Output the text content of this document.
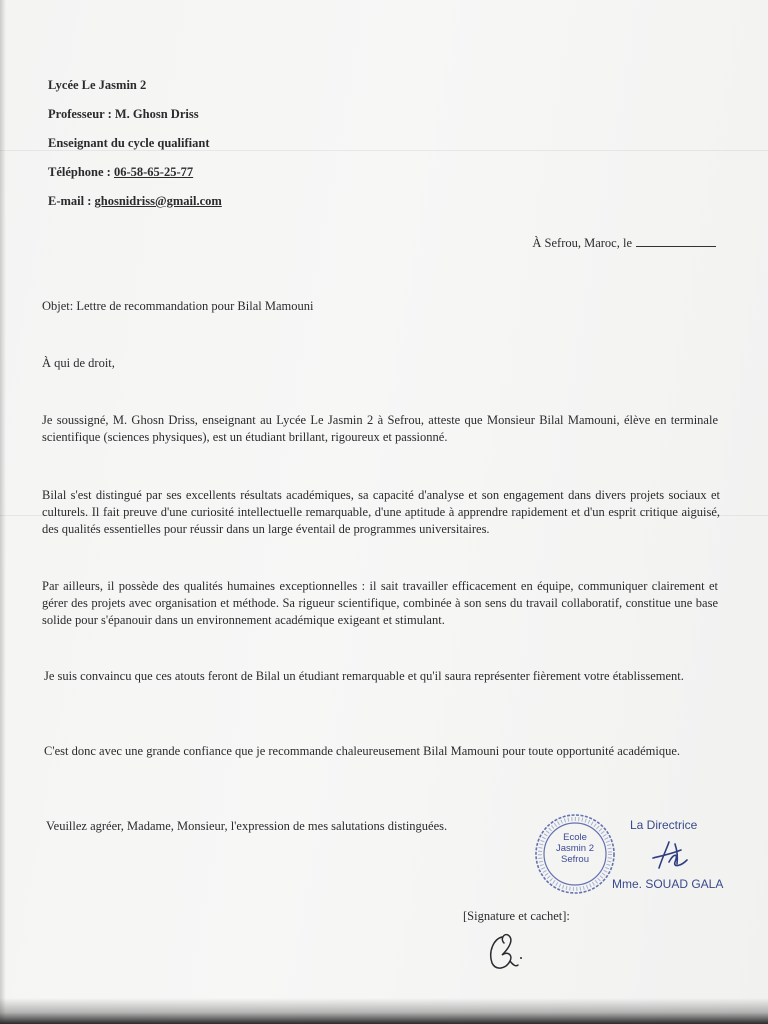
Lycée Le Jasmin 2
Professeur : M. Ghosn Driss
Enseignant du cycle qualifiant
Téléphone : 06-58-65-25-77
E-mail : ghosnidriss@gmail.com
À Sefrou, Maroc, le
Objet: Lettre de recommandation pour Bilal Mamouni
À qui de droit,
Je soussigné, M. Ghosn Driss, enseignant au Lycée Le Jasmin 2 à Sefrou, atteste que Monsieur Bilal Mamouni, élève en terminale scientifique (sciences physiques), est un étudiant brillant, rigoureux et passionné.
Bilal s'est distingué par ses excellents résultats académiques, sa capacité d'analyse et son engagement dans divers projets sociaux et culturels. Il fait preuve d'une curiosité intellectuelle remarquable, d'une aptitude à apprendre rapidement et d'un esprit critique aiguisé, des qualités essentielles pour réussir dans un large éventail de programmes universitaires.
Par ailleurs, il possède des qualités humaines exceptionnelles : il sait travailler efficacement en équipe, communiquer clairement et gérer des projets avec organisation et méthode. Sa rigueur scientifique, combinée à son sens du travail collaboratif, constitue une base solide pour s'épanouir dans un environnement académique exigeant et stimulant.
Je suis convaincu que ces atouts feront de Bilal un étudiant remarquable et qu'il saura représenter fièrement votre établissement.
C'est donc avec une grande confiance que je recommande chaleureusement Bilal Mamouni pour toute opportunité académique.
Veuillez agréer, Madame, Monsieur, l'expression de mes salutations distinguées.	La Directrice
Ecole
Jasmin 2
Sefrou
Mme. SOUAD GALA
[Signature et cachet]:
